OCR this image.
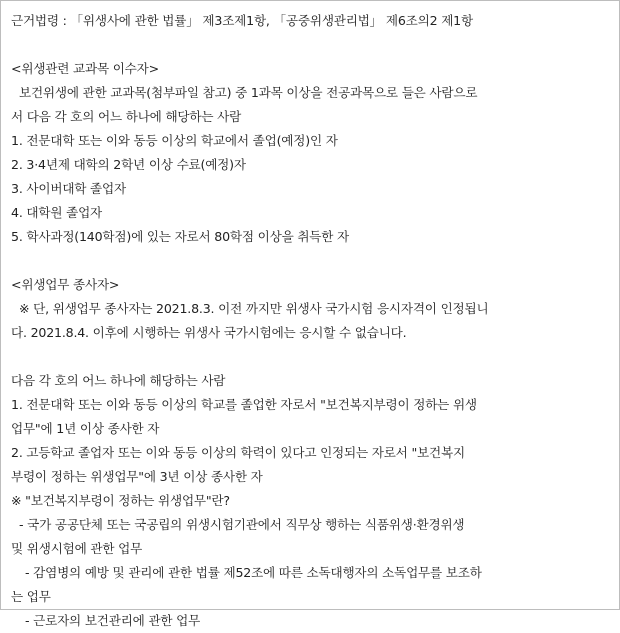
근거법령 : 「위생사에 관한 법률」 제3조제1항, 「공중위생관리법」 제6조의2 제1항
<위생관련 교과목 이수자>
보건위생에 관한 교과목(첨부파일 참고) 중 1과목 이상을 전공과목으로 들은 사람으로
서 다음 각 호의 어느 하나에 해당하는 사람
1. 전문대학 또는 이와 동등 이상의 학교에서 졸업(예정)인 자
2. 3·4년제 대학의 2학년 이상 수료(예정)자
3. 사이버대학 졸업자
4. 대학원 졸업자
5. 학사과정(140학점)에 있는 자로서 80학점 이상을 취득한 자
<위생업무 종사자>
※ 단, 위생업무 종사자는 2021.8.3. 이전 까지만 위생사 국가시험 응시자격이 인정됩니
다. 2021.8.4. 이후에 시행하는 위생사 국가시험에는 응시할 수 없습니다.
다음 각 호의 어느 하나에 해당하는 사람
1. 전문대학 또는 이와 동등 이상의 학교를 졸업한 자로서 "보건복지부령이 정하는 위생
업무"에 1년 이상 종사한 자
2. 고등학교 졸업자 또는 이와 동등 이상의 학력이 있다고 인정되는 자로서 "보건복지
부령이 정하는 위생업무"에 3년 이상 종사한 자
※ "보건복지부령이 정하는 위생업무"란?
- 국가 공공단체 또는 국공립의 위생시험기관에서 직무상 행하는 식품위생·환경위생
및 위생시험에 관한 업무
- 감염병의 예방 및 관리에 관한 법률 제52조에 따른 소독대행자의 소독업무를 보조하
는 업무
- 근로자의 보건관리에 관한 업무
